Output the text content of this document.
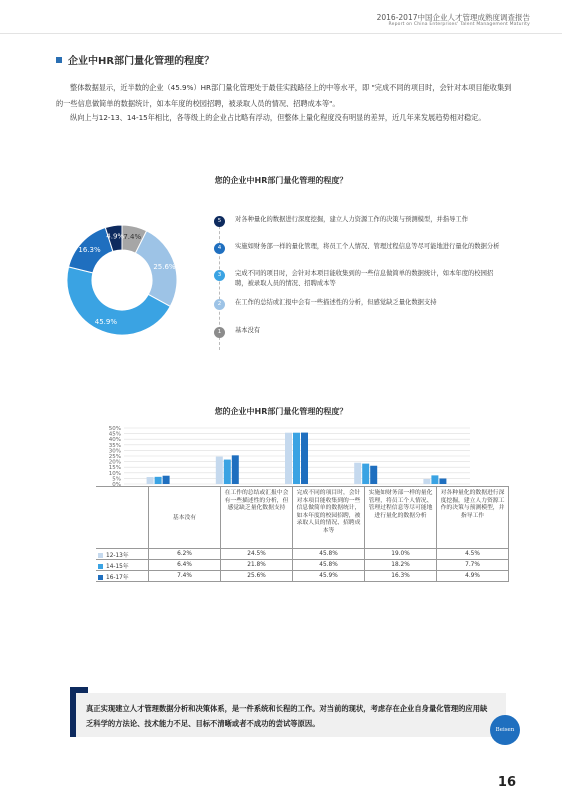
2016-2017中国企业人才管理成熟度调查报告
Report on China Enterprises' Talent Management Maturity
企业中HR部门量化管理的程度？
整体数据显示，近半数的企业（45.9%）HR部门量化管理处于最佳实践路径上的中等水平，即 "完成不同的项目时，会针对本项目能收集到的一些信息做简单的数据统计，如本年度的校园招聘，被录取人员的情况、招聘成本等"。
纵向上与12-13、14-15年相比，各等级上的企业占比略有浮动，但整体上量化程度没有明显的差异，近几年来发展趋势相对稳定。
您的企业中HR部门量化管理的程度？
7.4%
25.6%
45.9%
16.3%
4.9%
5	对各种量化的数据进行深度挖掘，建立人力资源工作的决策与预测模型，并指导工作
4	实施如财务部一样的量化管理，将员工个人情况、管理过程信息等尽可能地进行量化的数据分析
3	完成不同的项目时，会针对本项目能收集到的一些信息做简单的数据统计，如本年度的校园招聘，被录取人员的情况、招聘成本等
2	在工作的总结或汇报中会有一些描述性的分析，但感觉缺乏量化数据支持
1	基本没有
您的企业中HR部门量化管理的程度？
50%
45%
40%
35%
30%
25%
20%
15%
10%
5%
0%
	基本没有	在工作的总结或汇报中会有一些描述性的分析，但感觉缺乏量化数据支持	完成不同的项目时，会针对本项目能收集到的一些信息做简单的数据统计，如本年度的校园招聘，被录取人员的情况、招聘成本等	实施如财务部一样的量化管理，将员工个人情况、管理过程信息等尽可能地进行量化的数据分析	对各种量化的数据进行深度挖掘，建立人力资源工作的决策与预测模型，并指导工作
12-13年	6.2%	24.5%	45.8%	19.0%	4.5%
14-15年	6.4%	21.8%	45.8%	18.2%	7.7%
16-17年	7.4%	25.6%	45.9%	16.3%	4.9%
真正实现建立人才管理数据分析和决策体系，是一件系统和长程的工作。对当前的现状，考虑存在企业自身量化管理的应用缺乏科学的方法论、技术能力不足、目标不清晰或者不成功的尝试等原因。
Beisen
16
